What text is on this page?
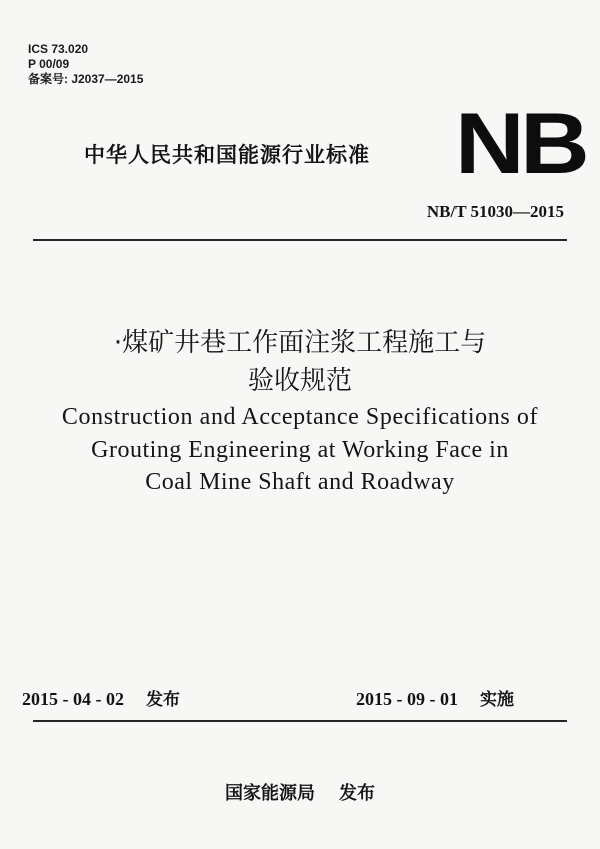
ICS 73.020
P 00/09
备案号: J2037—2015
中华人民共和国能源行业标准 NB
NB/T 51030—2015
·煤矿井巷工作面注浆工程施工与
验收规范
Construction and Acceptance Specifications of
Grouting Engineering at Working Face in
Coal Mine Shaft and Roadway
2015 - 04 - 02 发布	2015 - 09 - 01 实施
国家能源局 发布
